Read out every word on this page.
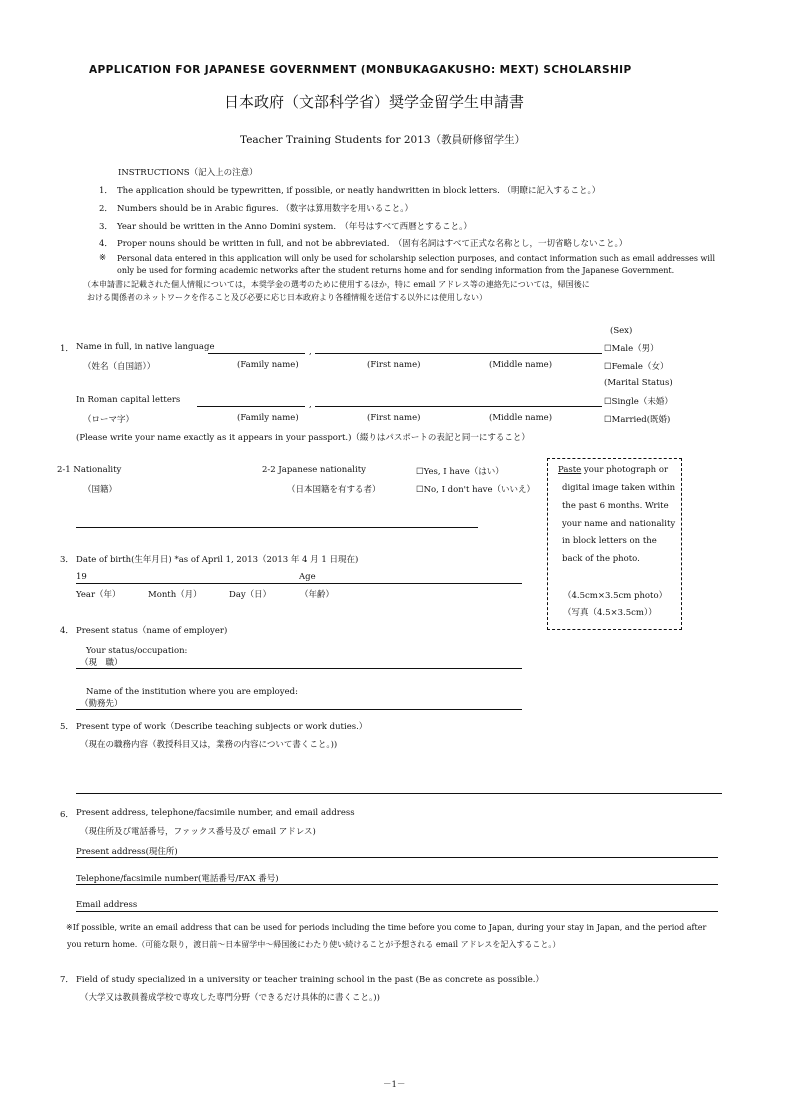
APPLICATION FOR JAPANESE GOVERNMENT (MONBUKAGAKUSHO: MEXT) SCHOLARSHIP
日本政府（文部科学省）奨学金留学生申請書
Teacher Training Students for 2013（教員研修留学生）
INSTRUCTIONS（記入上の注意）
1． The application should be typewritten, if possible, or neatly handwritten in block letters. （明瞭に記入すること。）
2． Numbers should be in Arabic figures. （数字は算用数字を用いること。）
3． Year should be written in the Anno Domini system.　（年号はすべて西暦とすること。）
4． Proper nouns should be written in full, and not be abbreviated.　（固有名詞はすべて正式な名称とし，一切省略しないこと。）
※ Personal data entered in this application will only be used for scholarship selection purposes, and contact information such as email addresses will
only be used for forming academic networks after the student returns home and for sending information from the Japanese Government.
（本申請書に記載された個人情報については，本奨学金の選考のために使用するほか，特に email アドレス等の連絡先については，帰国後に
おける関係者のネットワークを作ること及び必要に応じ日本政府より各種情報を送信する以外には使用しない）
(Sex)
1． Name in full, in native language	,	☐Male（男）
（姓名（自国語））	(Family name)	(First name)	(Middle name)	☐Female（女）
(Marital Status)
In Roman capital letters	,	☐Single（未婚）
（ローマ字）	(Family name)	(First name)	(Middle name)	☐Married(既婚)
(Please write your name exactly as it appears in your passport.)（綴りはパスポートの表記と同一にすること）
2-1 Nationality
（国籍）
2-2 Japanese nationality
（日本国籍を有する者）
☐Yes, I have（はい）
☐No, I don't have（いいえ）
Paste your photograph or
digital image taken within
the past 6 months. Write
your name and nationality
in block letters on the
back of the photo.
（4.5cm×3.5cm photo）
（写真（4.5×3.5cm））
3． Date of birth(生年月日) *as of April 1, 2013（2013 年 4 月 1 日現在)
19	Age
Year（年）	Month（月）	Day（日）	（年齢）
4． Present status（name of employer)
Your status/occupation:
（現　職）
Name of the institution where you are employed:
（勤務先）
5． Present type of work（Describe teaching subjects or work duties.）
（現在の職務内容（教授科目又は，業務の内容について書くこと。))
6． Present address, telephone/facsimile number, and email address
（現住所及び電話番号，ファックス番号及び email アドレス)
Present address(現住所)
Telephone/facsimile number(電話番号/FAX 番号)
Email address
※If possible, write an email address that can be used for periods including the time before you come to Japan, during your stay in Japan, and the period after
you return home.（可能な限り，渡日前～日本留学中～帰国後にわたり使い続けることが予想される email アドレスを記入すること。）
7． Field of study specialized in a university or teacher training school in the past (Be as concrete as possible.）
（大学又は教員養成学校で専攻した専門分野（できるだけ具体的に書くこと。))
－1－
